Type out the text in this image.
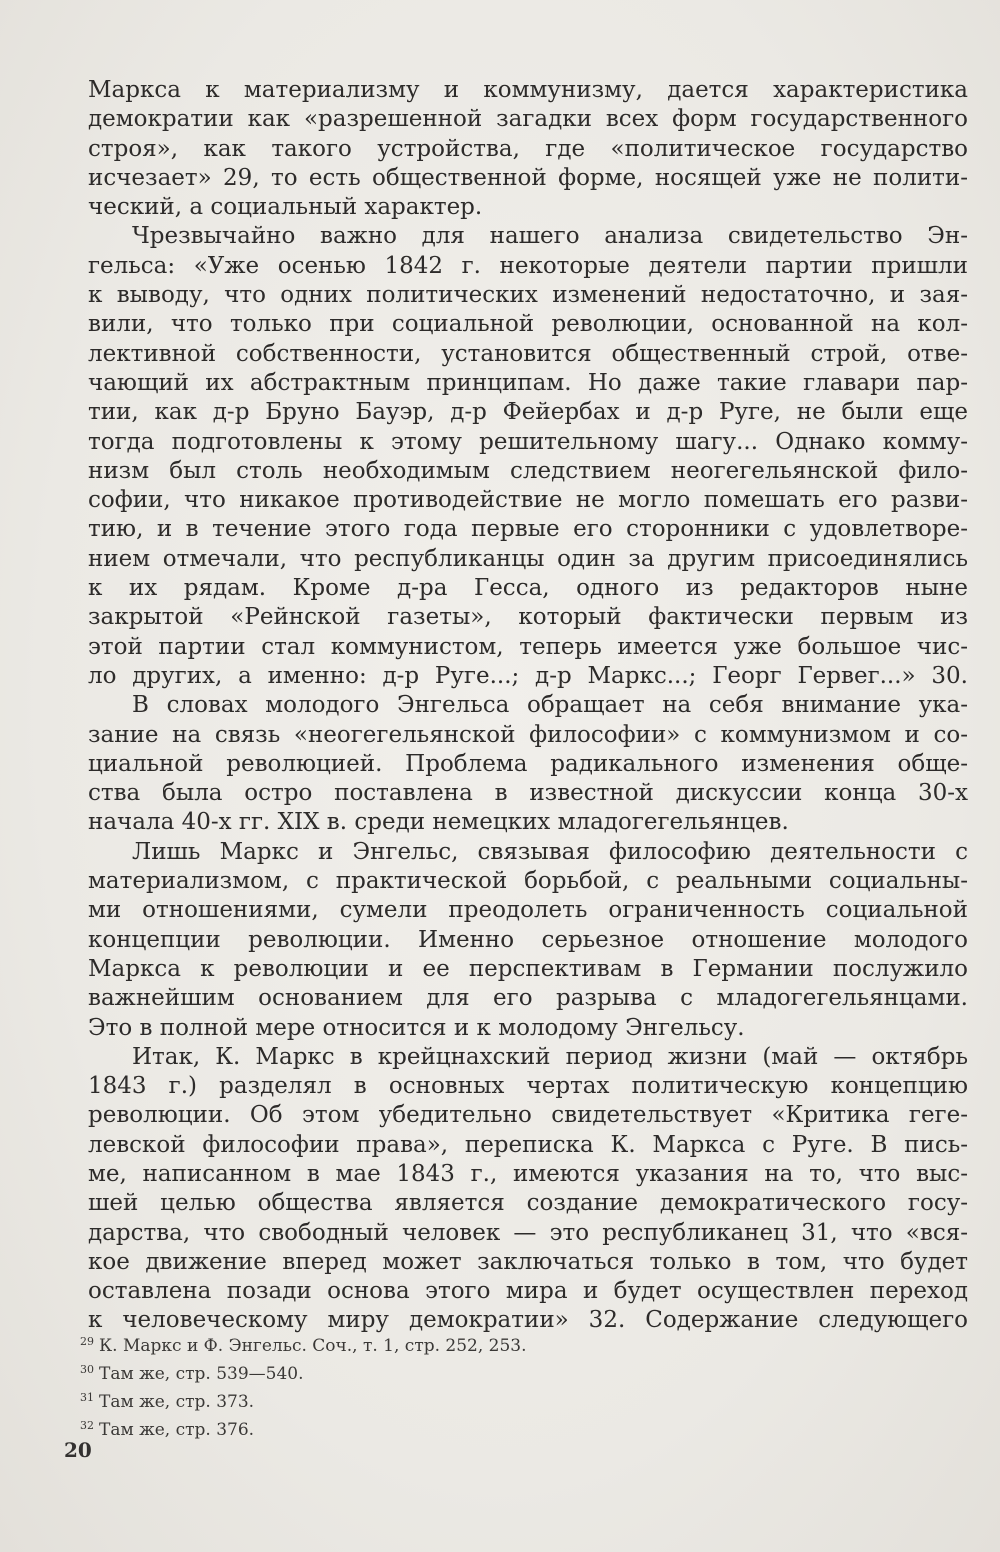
Маркса к материализму и коммунизму, дается характеристика
демократии как «разрешенной загадки всех форм государственного
строя», как такого устройства, где «политическое государство
исчезает» 29, то есть общественной форме, носящей уже не полити-
ческий, а социальный характер.
Чрезвычайно важно для нашего анализа свидетельство Эн-
гельса: «Уже осенью 1842 г. некоторые деятели партии пришли
к выводу, что одних политических изменений недостаточно, и зая-
вили, что только при социальной революции, основанной на кол-
лективной собственности, установится общественный строй, отве-
чающий их абстрактным принципам. Но даже такие главари пар-
тии, как д-р Бруно Бауэр, д-р Фейербах и д-р Руге, не были еще
тогда подготовлены к этому решительному шагу... Однако комму-
низм был столь необходимым следствием неогегельянской фило-
софии, что никакое противодействие не могло помешать его разви-
тию, и в течение этого года первые его сторонники с удовлетворе-
нием отмечали, что республиканцы один за другим присоединялись
к их рядам. Кроме д-ра Гесса, одного из редакторов ныне
закрытой «Рейнской газеты», который фактически первым из
этой партии стал коммунистом, теперь имеется уже большое чис-
ло других, а именно: д-р Руге...; д-р Маркс...; Георг Гервег...» 30.
В словах молодого Энгельса обращает на себя внимание ука-
зание на связь «неогегельянской философии» с коммунизмом и со-
циальной революцией. Проблема радикального изменения обще-
ства была остро поставлена в известной дискуссии конца 30-х
начала 40-х гг. XIX в. среди немецких младогегельянцев.
Лишь Маркс и Энгельс, связывая философию деятельности с
материализмом, с практической борьбой, с реальными социальны-
ми отношениями, сумели преодолеть ограниченность социальной
концепции революции. Именно серьезное отношение молодого
Маркса к революции и ее перспективам в Германии послужило
важнейшим основанием для его разрыва с младогегельянцами.
Это в полной мере относится и к молодому Энгельсу.
Итак, К. Маркс в крейцнахский период жизни (май — октябрь
1843 г.) разделял в основных чертах политическую концепцию
революции. Об этом убедительно свидетельствует «Критика геге-
левской философии права», переписка К. Маркса с Руге. В пись-
ме, написанном в мае 1843 г., имеются указания на то, что выс-
шей целью общества является создание демократического госу-
дарства, что свободный человек — это республиканец 31, что «вся-
кое движение вперед может заключаться только в том, что будет
оставлена позади основа этого мира и будет осуществлен переход
к человеческому миру демократии» 32. Содержание следующего
$^{29}$ К. Маркс и Ф. Энгельс. Соч., т. 1, стр. 252, 253.
$^{30}$ Там же, стр. 539—540.
$^{31}$ Там же, стр. 373.
$^{32}$ Там же, стр. 376.
20
